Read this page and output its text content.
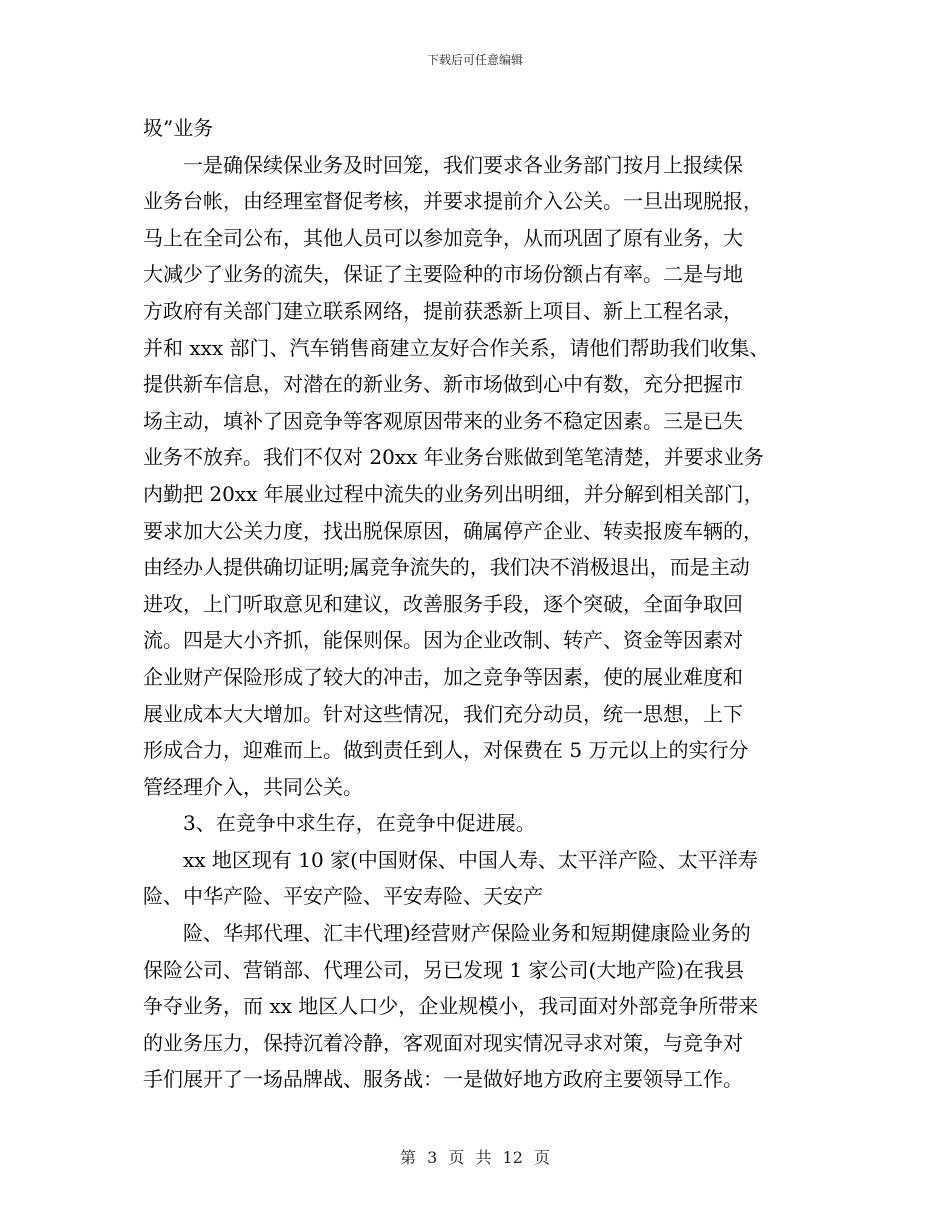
下载后可任意编辑
圾”业务
一是确保续保业务及时回笼，我们要求各业务部门按月上报续保
业务台帐，由经理室督促考核，并要求提前介入公关。一旦出现脱报，
马上在全司公布，其他人员可以参加竞争，从而巩固了原有业务，大
大减少了业务的流失，保证了主要险种的市场份额占有率。二是与地
方政府有关部门建立联系网络，提前获悉新上项目、新上工程名录，
并和 xxx 部门、汽车销售商建立友好合作关系，请他们帮助我们收集、
提供新车信息，对潜在的新业务、新市场做到心中有数，充分把握市
场主动，填补了因竞争等客观原因带来的业务不稳定因素。三是已失
业务不放弃。我们不仅对 20xx 年业务台账做到笔笔清楚，并要求业务
内勤把 20xx 年展业过程中流失的业务列出明细，并分解到相关部门，
要求加大公关力度，找出脱保原因，确属停产企业、转卖报废车辆的，
由经办人提供确切证明;属竞争流失的，我们决不消极退出，而是主动
进攻，上门听取意见和建议，改善服务手段，逐个突破，全面争取回
流。四是大小齐抓，能保则保。因为企业改制、转产、资金等因素对
企业财产保险形成了较大的冲击，加之竞争等因素，使的展业难度和
展业成本大大增加。针对这些情况，我们充分动员，统一思想，上下
形成合力，迎难而上。做到责任到人，对保费在 5 万元以上的实行分
管经理介入，共同公关。
3、在竞争中求生存，在竞争中促进展。
xx 地区现有 10 家(中国财保、中国人寿、太平洋产险、太平洋寿
险、中华产险、平安产险、平安寿险、天安产
险、华邦代理、汇丰代理)经营财产保险业务和短期健康险业务的
保险公司、营销部、代理公司，另已发现 1 家公司(大地产险)在我县
争夺业务，而 xx 地区人口少，企业规模小，我司面对外部竞争所带来
的业务压力，保持沉着冷静，客观面对现实情况寻求对策，与竞争对
手们展开了一场品牌战、服务战：一是做好地方政府主要领导工作。
第 3 页 共 12 页
